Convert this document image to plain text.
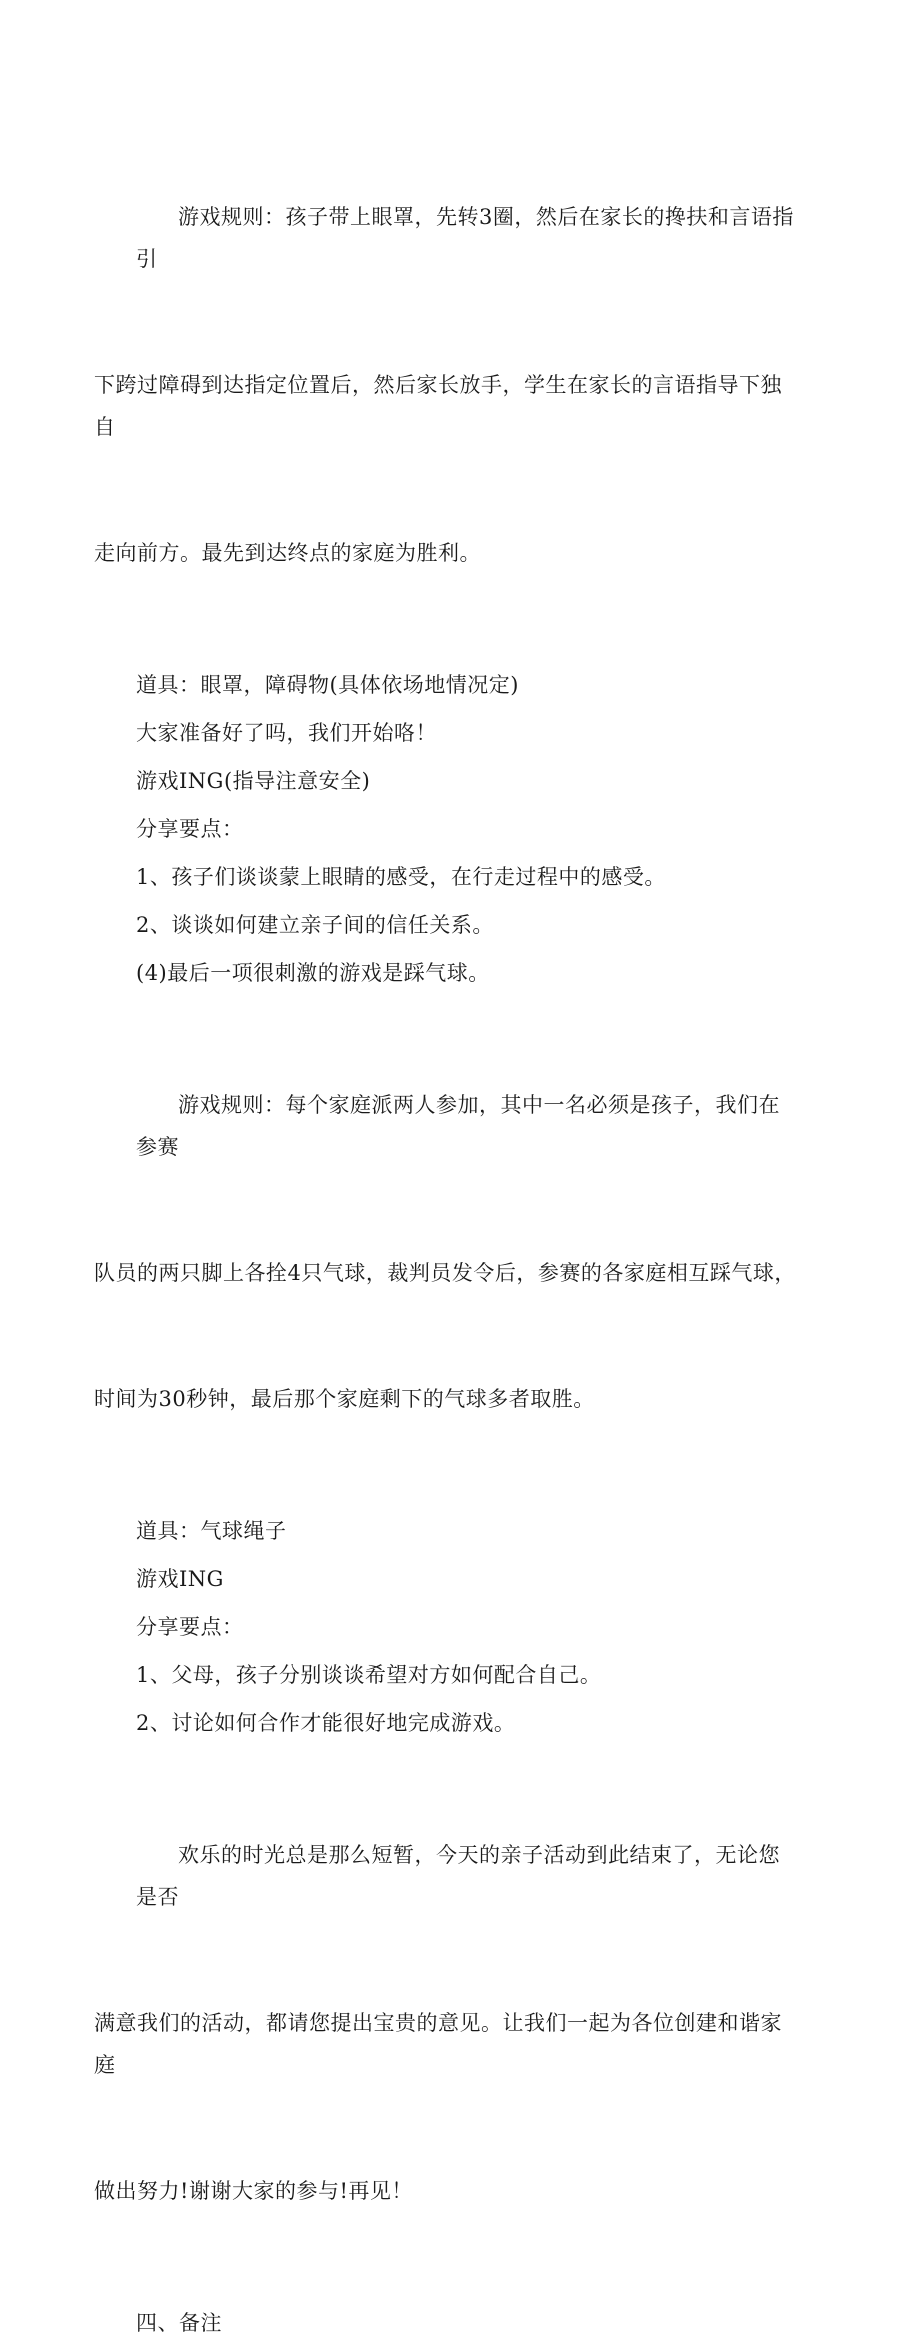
游戏规则：孩子带上眼罩，先转3圈，然后在家长的搀扶和言语指引

下跨过障碍到达指定位置后，然后家长放手，学生在家长的言语指导下独自

走向前方。最先到达终点的家庭为胜利。

道具：眼罩，障碍物(具体依场地情况定)

大家准备好了吗，我们开始咯！

游戏ING(指导注意安全)

分享要点：

1、孩子们谈谈蒙上眼睛的感受，在行走过程中的感受。

2、谈谈如何建立亲子间的信任关系。

(4)最后一项很刺激的游戏是踩气球。

游戏规则：每个家庭派两人参加，其中一名必须是孩子，我们在参赛

队员的两只脚上各拴4只气球，裁判员发令后，参赛的各家庭相互踩气球，

时间为30秒钟，最后那个家庭剩下的气球多者取胜。

道具：气球绳子

游戏ING

分享要点：

1、父母，孩子分别谈谈希望对方如何配合自己。

2、讨论如何合作才能很好地完成游戏。

欢乐的时光总是那么短暂，今天的亲子活动到此结束了，无论您是否

满意我们的活动，都请您提出宝贵的意见。让我们一起为各位创建和谐家庭

做出努力!谢谢大家的参与!再见！

四、备注
